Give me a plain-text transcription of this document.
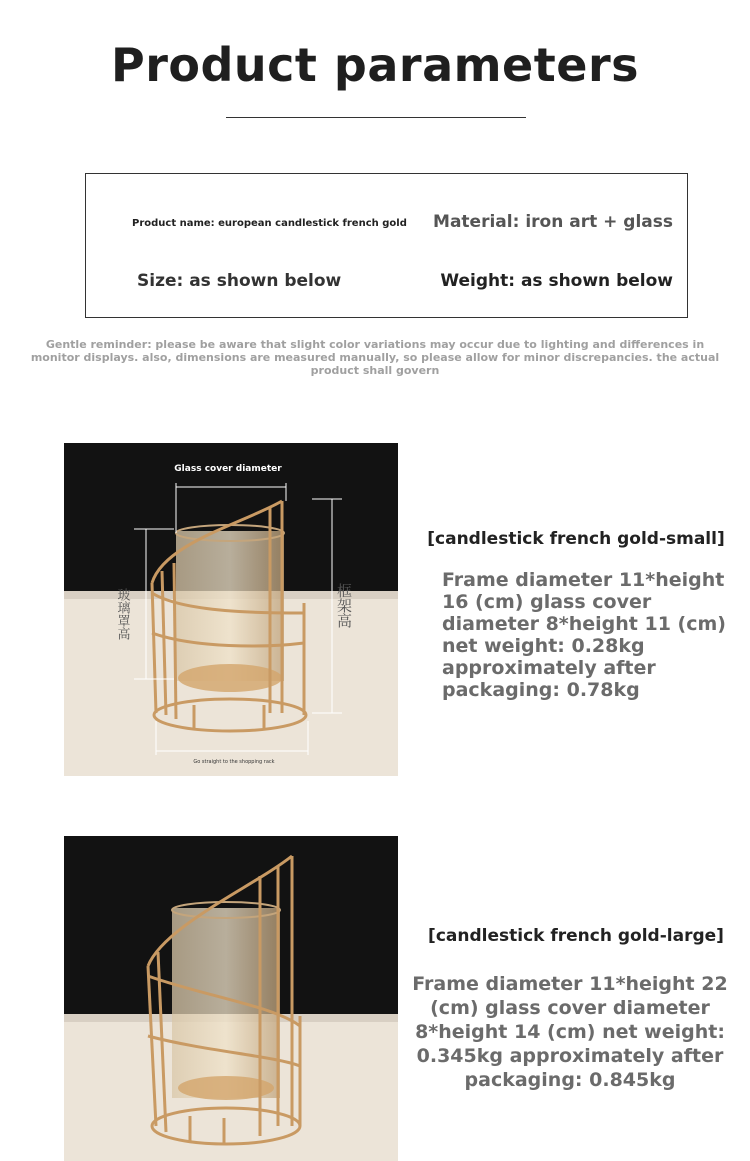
Product parameters
Product name: european candlestick french gold Material: iron art + glass
Size: as shown below	Weight: as shown below
Gentle reminder: please be aware that slight color variations may occur due to lighting and differences in monitor displays. also, dimensions are measured manually, so please allow for minor discrepancies. the actual product shall govern
Glass cover diameter
玻璃罩高	框架高
Go straight to the shopping rack
[candlestick french gold-small]
Frame diameter 11*height 16 (cm) glass cover diameter 8*height 11 (cm) net weight: 0.28kg approximately after packaging: 0.78kg
[candlestick french gold-large]
Frame diameter 11*height 22 (cm) glass cover diameter 8*height 14 (cm) net weight: 0.345kg approximately after packaging: 0.845kg
